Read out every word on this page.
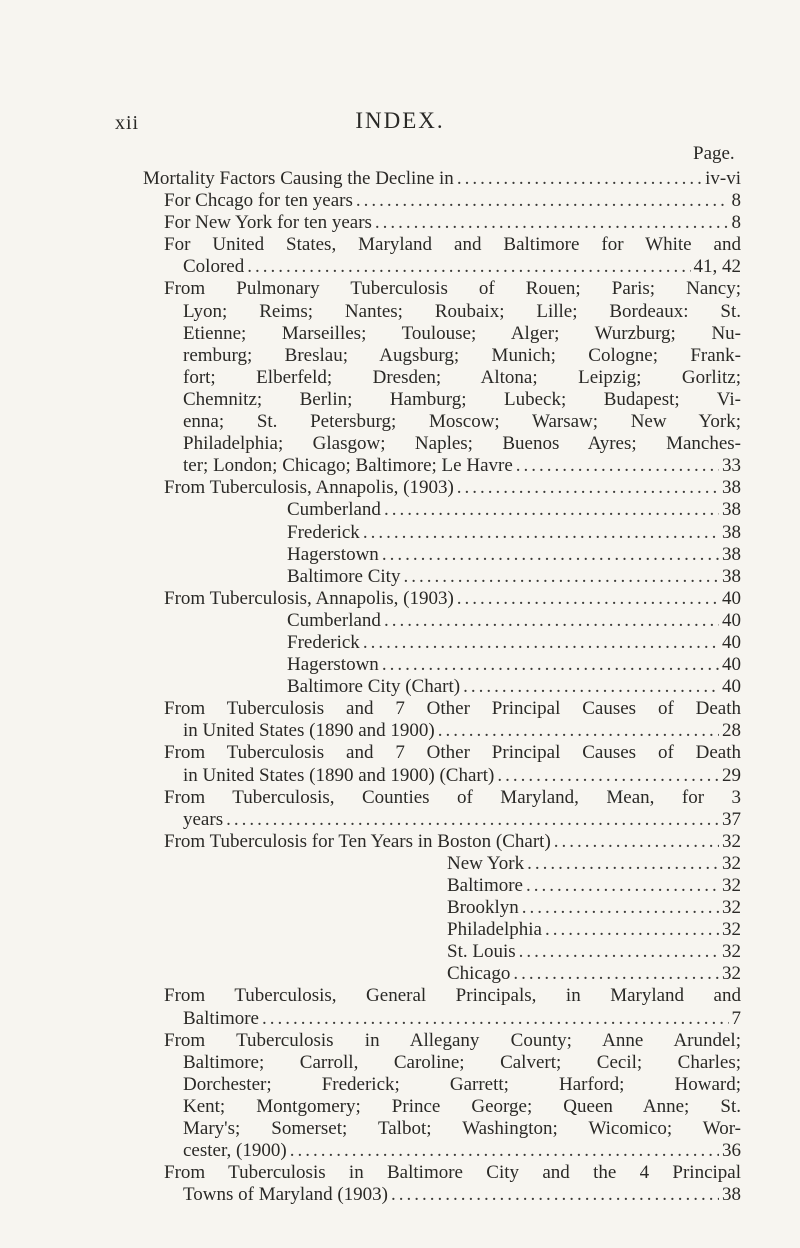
xii	INDEX.
Page.
Mortality Factors Causing the Decline in .....	iv-vi
For Chcago for ten years .....	8
For New York for ten years .....	8
For United States, Maryland and Baltimore for White and
Colored .....	41, 42
From Pulmonary Tuberculosis of Rouen; Paris; Nancy;
Lyon; Reims; Nantes; Roubaix; Lille; Bordeaux: St.
Etienne; Marseilles; Toulouse; Alger; Wurzburg; Nu-
remburg; Breslau; Augsburg; Munich; Cologne; Frank-
fort; Elberfeld; Dresden; Altona; Leipzig; Gorlitz;
Chemnitz; Berlin; Hamburg; Lubeck; Budapest; Vi-
enna; St. Petersburg; Moscow; Warsaw; New York;
Philadelphia; Glasgow; Naples; Buenos Ayres; Manches-
ter; London; Chicago; Baltimore; Le Havre .....	33
From Tuberculosis, Annapolis, (1903) .....	38
Cumberland .....	38
Frederick .....	38
Hagerstown .....	38
Baltimore City .....	38
From Tuberculosis, Annapolis, (1903) .....	40
Cumberland .....	40
Frederick .....	40
Hagerstown .....	40
Baltimore City (Chart) .....	40
From Tuberculosis and 7 Other Principal Causes of Death
in United States (1890 and 1900) .....	28
From Tuberculosis and 7 Other Principal Causes of Death
in United States (1890 and 1900) (Chart) .....	29
From Tuberculosis, Counties of Maryland, Mean, for 3
years .....	37
From Tuberculosis for Ten Years in Boston (Chart) .....	32
New York .....	32
Baltimore .....	32
Brooklyn .....	32
Philadelphia .....	32
St. Louis .....	32
Chicago .....	32
From Tuberculosis, General Principals, in Maryland and
Baltimore .....	7
From Tuberculosis in Allegany County; Anne Arundel;
Baltimore; Carroll, Caroline; Calvert; Cecil; Charles;
Dorchester; Frederick; Garrett; Harford; Howard;
Kent; Montgomery; Prince George; Queen Anne; St.
Mary's; Somerset; Talbot; Washington; Wicomico; Wor-
cester, (1900) .....	36
From Tuberculosis in Baltimore City and the 4 Principal
Towns of Maryland (1903) .....	38
